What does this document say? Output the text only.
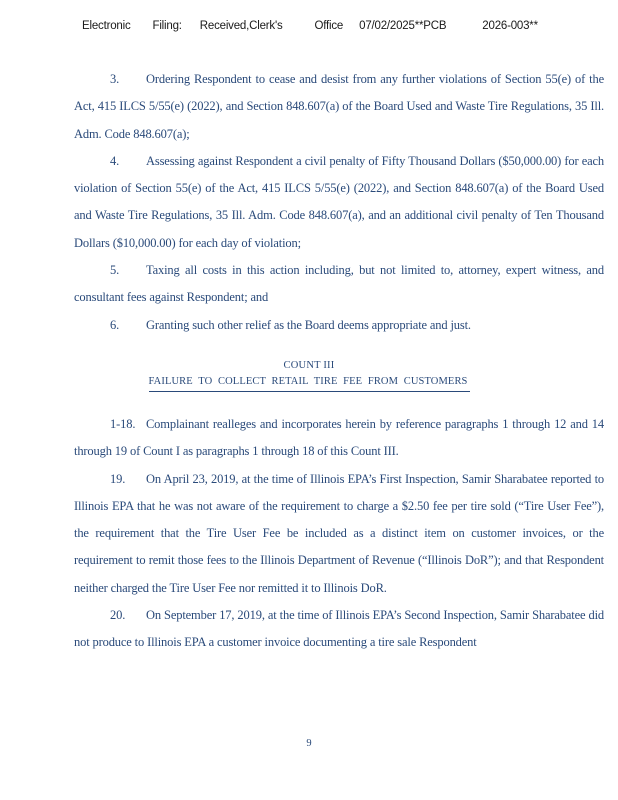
Electronic Filing: Received,Clerk's	Office 07/02/2025**PCB	2026-003**

3. Ordering Respondent to cease and desist from any further violations of Section 55(e) of the Act, 415 ILCS 5/55(e) (2022), and Section 848.607(a) of the Board Used and Waste Tire Regulations, 35 Ill. Adm. Code 848.607(a);

4. Assessing against Respondent a civil penalty of Fifty Thousand Dollars ($50,000.00) for each violation of Section 55(e) of the Act, 415 ILCS 5/55(e) (2022), and Section 848.607(a) of the Board Used and Waste Tire Regulations, 35 Ill. Adm. Code 848.607(a), and an additional civil penalty of Ten Thousand Dollars ($10,000.00) for each day of violation;

5. Taxing all costs in this action including, but not limited to, attorney, expert witness, and consultant fees against Respondent; and

6. Granting such other relief as the Board deems appropriate and just.

COUNT III
FAILURE TO COLLECT RETAIL TIRE FEE FROM CUSTOMERS

1-18. Complainant realleges and incorporates herein by reference paragraphs 1 through 12 and 14 through 19 of Count I as paragraphs 1 through 18 of this Count III.

19. On April 23, 2019, at the time of Illinois EPA’s First Inspection, Samir Sharabatee reported to Illinois EPA that he was not aware of the requirement to charge a $2.50 fee per tire sold (“Tire User Fee”), the requirement that the Tire User Fee be included as a distinct item on customer invoices, or the requirement to remit those fees to the Illinois Department of Revenue (“Illinois DoR”); and that Respondent neither charged the Tire User Fee nor remitted it to Illinois DoR.

20. On September 17, 2019, at the time of Illinois EPA’s Second Inspection, Samir Sharabatee did not produce to Illinois EPA a customer invoice documenting a tire sale Respondent

9
